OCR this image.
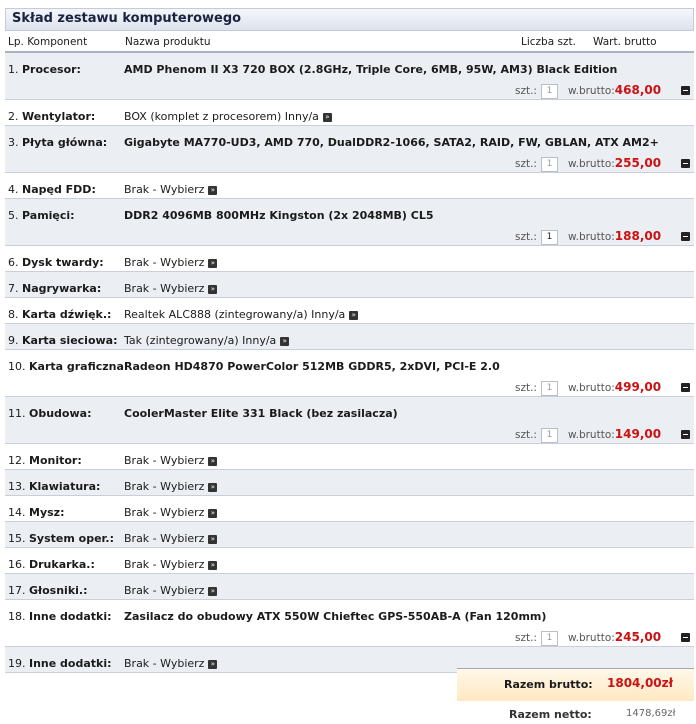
Skład zestawu komputerowego
Lp. Komponent	Nazwa produktu	Liczba szt. Wart. brutto
1. Procesor:	AMD Phenom II X3 720 BOX (2.8GHz, Triple Core, 6MB, 95W, AM3) Black Edition
szt.: 1 w.brutto:468,00
2. Wentylator:	BOX (komplet z procesorem) Inny/a »
3. Płyta główna: Gigabyte MA770-UD3, AMD 770, DualDDR2-1066, SATA2, RAID, FW, GBLAN, ATX AM2+
szt.: 1 w.brutto:255,00
4. Napęd FDD:	Brak - Wybierz »
5. Pamięci:	DDR2 4096MB 800MHz Kingston (2x 2048MB) CL5
szt.: 1 w.brutto:188,00
6. Dysk twardy: Brak - Wybierz »
7. Nagrywarka: Brak - Wybierz »
8. Karta dźwięk.: Realtek ALC888 (zintegrowany/a) Inny/a »
9. Karta sieciowa: Tak (zintegrowany/a) Inny/a »
10. Karta graficzna:
Radeon HD4870 PowerColor 512MB GDDR5, 2xDVI, PCI-E 2.0
szt.: 1 w.brutto:499,00
11. Obudowa:	CoolerMaster Elite 331 Black (bez zasilacza)
szt.: 1 w.brutto:149,00
12. Monitor:	Brak - Wybierz »
13. Klawiatura: Brak - Wybierz »
14. Mysz:	Brak - Wybierz »
15. System oper.: Brak - Wybierz »
16. Drukarka.:	Brak - Wybierz »
17. Głosniki.:	Brak - Wybierz »
18. Inne dodatki: Zasilacz do obudowy ATX 550W Chieftec GPS-550AB-A (Fan 120mm)
szt.: 1 w.brutto:245,00
19. Inne dodatki: Brak - Wybierz »
Razem brutto: 1804,00zł
Razem netto:	1478,69zł
